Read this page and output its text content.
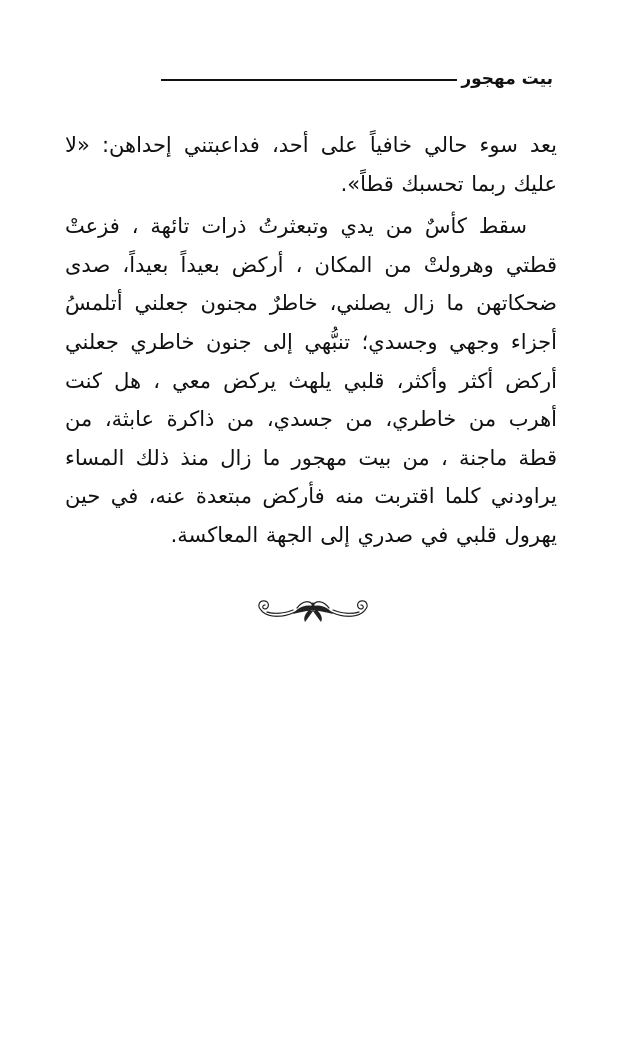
بيت مهجور

يعد سوء حالي خافياً على أحد، فداعبتني إحداهن: «لا عليك ربما تحسبك قطاً».

سقط كأسٌ من يدي وتبعثرتُ ذرات تائهة ، فزعتْ قطتي وهرولتْ من المكان ، أركض بعيداً بعيداً، صدى ضحكاتهن ما زال يصلني، خاطرٌ مجنون جعلني أتلمسُ أجزاء وجهي وجسدي؛ تنبُّهي إلى جنون خاطري جعلني أركض أكثر وأكثر، قلبي يلهث يركض معي ، هل كنت أهرب من خاطري، من جسدي، من ذاكرة عابثة، من قطة ماجنة ، من بيت مهجور ما زال منذ ذلك المساء يراودني كلما اقتربت منه فأركض مبتعدة عنه، في حين يهرول قلبي في صدري إلى الجهة المعاكسة.
